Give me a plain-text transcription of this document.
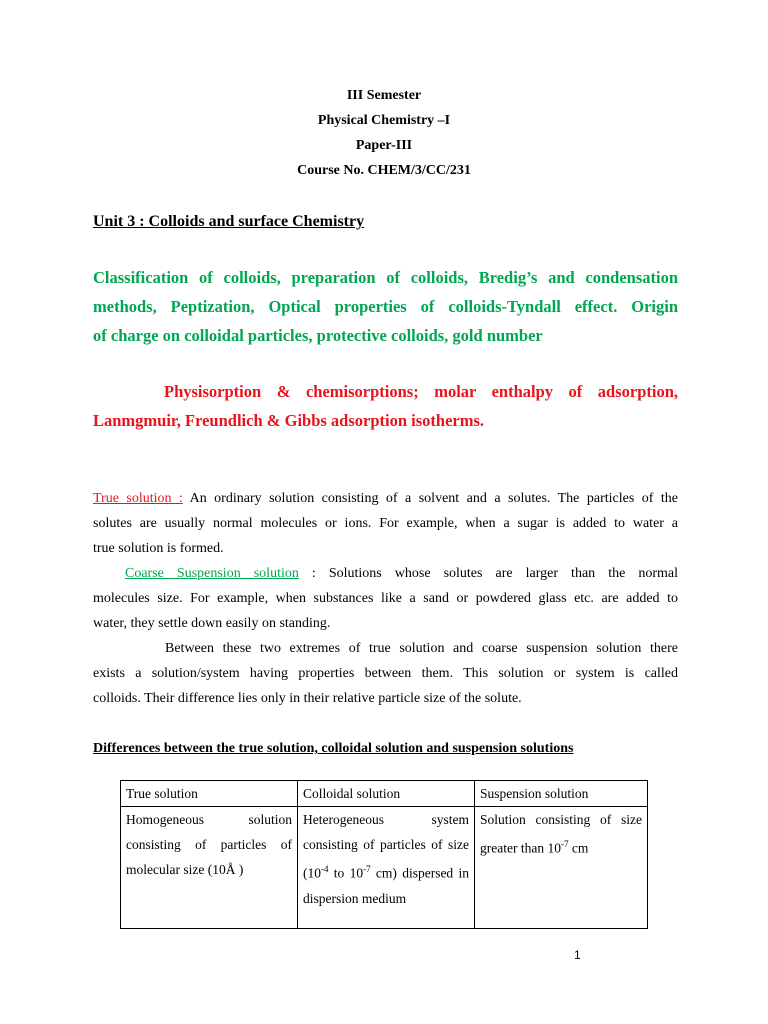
III Semester
Physical Chemistry –I
Paper-III
Course No. CHEM/3/CC/231
Unit 3 : Colloids and surface Chemistry
Classification of colloids, preparation of colloids, Bredig’s and condensation
methods, Peptization, Optical properties of colloids-Tyndall effect. Origin
of charge on colloidal particles, protective colloids, gold number
Physisorption & chemisorptions; molar enthalpy of adsorption,
Lanmgmuir, Freundlich & Gibbs adsorption isotherms.
True solution : An ordinary solution consisting of a solvent and a solutes. The particles of the
solutes are usually normal molecules or ions. For example, when a sugar is added to water a
true solution is formed.
Coarse Suspension solution : Solutions whose solutes are larger than the normal
molecules size. For example, when substances like a sand or powdered glass etc. are added to
water, they settle down easily on standing.
Between these two extremes of true solution and coarse suspension solution there
exists a solution/system having properties between them. This solution or system is called
colloids. Their difference lies only in their relative particle size of the solute.
Differences between the true solution, colloidal solution and suspension solutions
True solution	Colloidal solution	Suspension solution
Homogeneous solution consisting of particles of molecular size (10Å )	Heterogeneous system consisting of particles of size ($10^{-4}$ to $10^{-7}$ cm) dispersed in dispersion medium	Solution consisting of size greater than $10^{-7}$ cm
1
